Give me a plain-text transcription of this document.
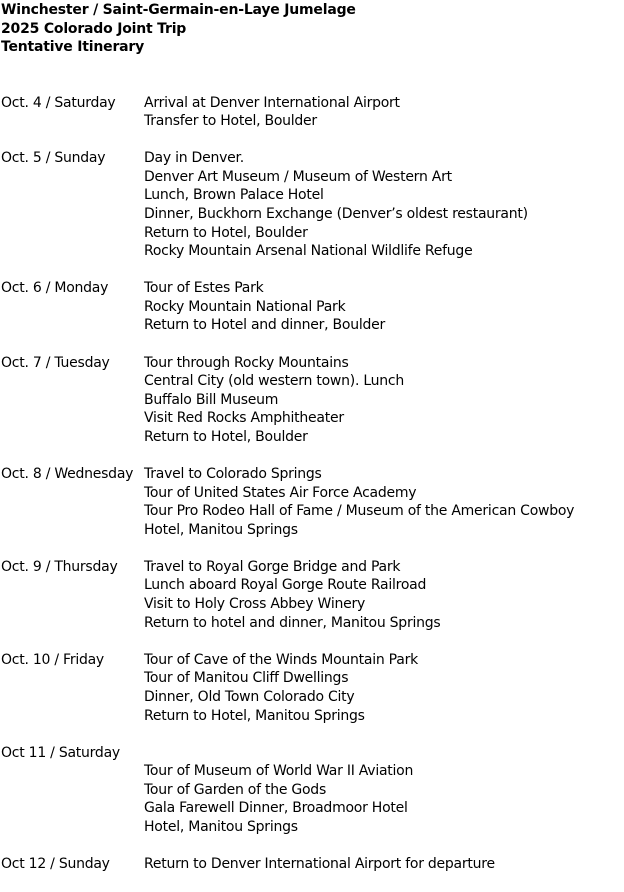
Winchester / Saint-Germain-en-Laye Jumelage
2025 Colorado Joint Trip
Tentative Itinerary
Oct. 4 / Saturday	Arrival at Denver International Airport
Transfer to Hotel, Boulder
Oct. 5 / Sunday	Day in Denver.
Denver Art Museum / Museum of Western Art
Lunch, Brown Palace Hotel
Dinner, Buckhorn Exchange (Denver’s oldest restaurant)
Return to Hotel, Boulder
Rocky Mountain Arsenal National Wildlife Refuge
Oct. 6 / Monday	Tour of Estes Park
Rocky Mountain National Park
Return to Hotel and dinner, Boulder
Oct. 7 / Tuesday	Tour through Rocky Mountains
Central City (old western town). Lunch
Buffalo Bill Museum
Visit Red Rocks Amphitheater
Return to Hotel, Boulder
Oct. 8 / Wednesday Travel to Colorado Springs
Tour of United States Air Force Academy
Tour Pro Rodeo Hall of Fame / Museum of the American Cowboy
Hotel, Manitou Springs
Oct. 9 / Thursday	Travel to Royal Gorge Bridge and Park
Lunch aboard Royal Gorge Route Railroad
Visit to Holy Cross Abbey Winery
Return to hotel and dinner, Manitou Springs
Oct. 10 / Friday	Tour of Cave of the Winds Mountain Park
Tour of Manitou Cliff Dwellings
Dinner, Old Town Colorado City
Return to Hotel, Manitou Springs
Oct 11 / Saturday
Tour of Museum of World War II Aviation
Tour of Garden of the Gods
Gala Farewell Dinner, Broadmoor Hotel
Hotel, Manitou Springs
Oct 12 / Sunday	Return to Denver International Airport for departure
